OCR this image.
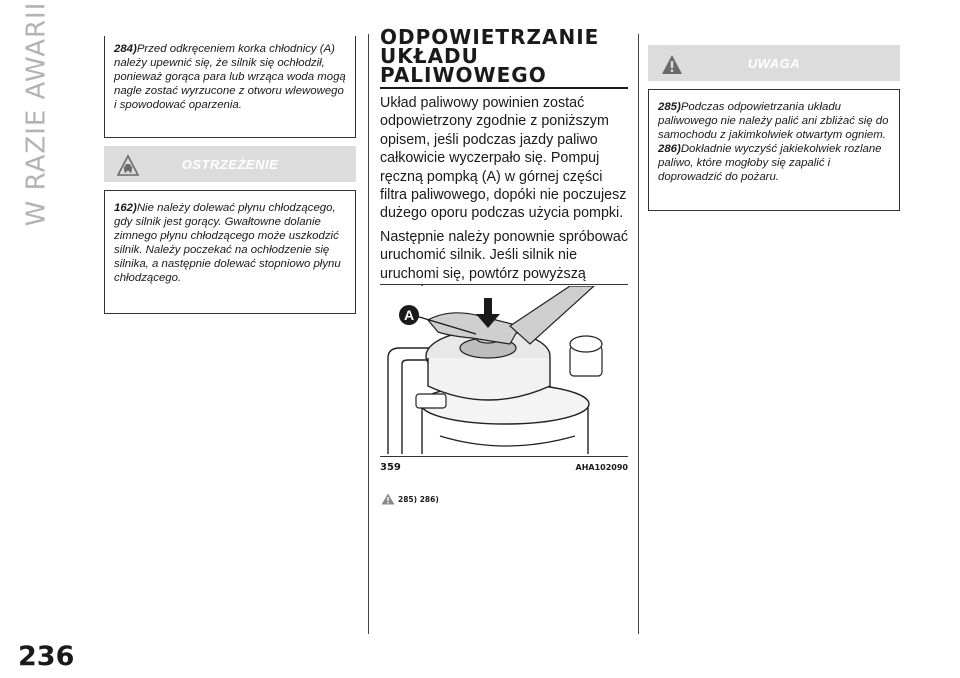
W RAZIE AWARII
236

284)Przed odkręceniem korka chłodnicy (A) należy upewnić się, że silnik się ochłodził, ponieważ gorąca para lub wrząca woda mogą nagle zostać wyrzucone z otworu wlewowego i spowodować oparzenia.

OSTRZEŻENIE

162)Nie należy dolewać płynu chłodzącego, gdy silnik jest gorący. Gwałtowne dolanie zimnego płynu chłodzącego może uszkodzić silnik. Należy poczekać na ochłodzenie się silnika, a następnie dolewać stopniowo płynu chłodzącego.

ODPOWIETRZANIE
UKŁADU
PALIWOWEGO

Układ paliwowy powinien zostać odpowietrzony zgodnie z poniższym opisem, jeśli podczas jazdy paliwo całkowicie wyczerpało się. Pompuj ręczną pompką (A) w górnej części filtra paliwowego, dopóki nie poczujesz dużego oporu podczas użycia pompki.

Następnie należy ponownie spróbować uruchomić silnik. Jeśli silnik nie uruchomi się, powtórz powyższą

A
359	AHA102090
285) 286)
UWAGA

285)Podczas odpowietrzania układu paliwowego nie należy palić ani zbliżać się do samochodu z jakimkolwiek otwartym ogniem.

286)Dokładnie wyczyść jakiekolwiek rozlane paliwo, które mogłoby się zapalić i doprowadzić do pożaru.
